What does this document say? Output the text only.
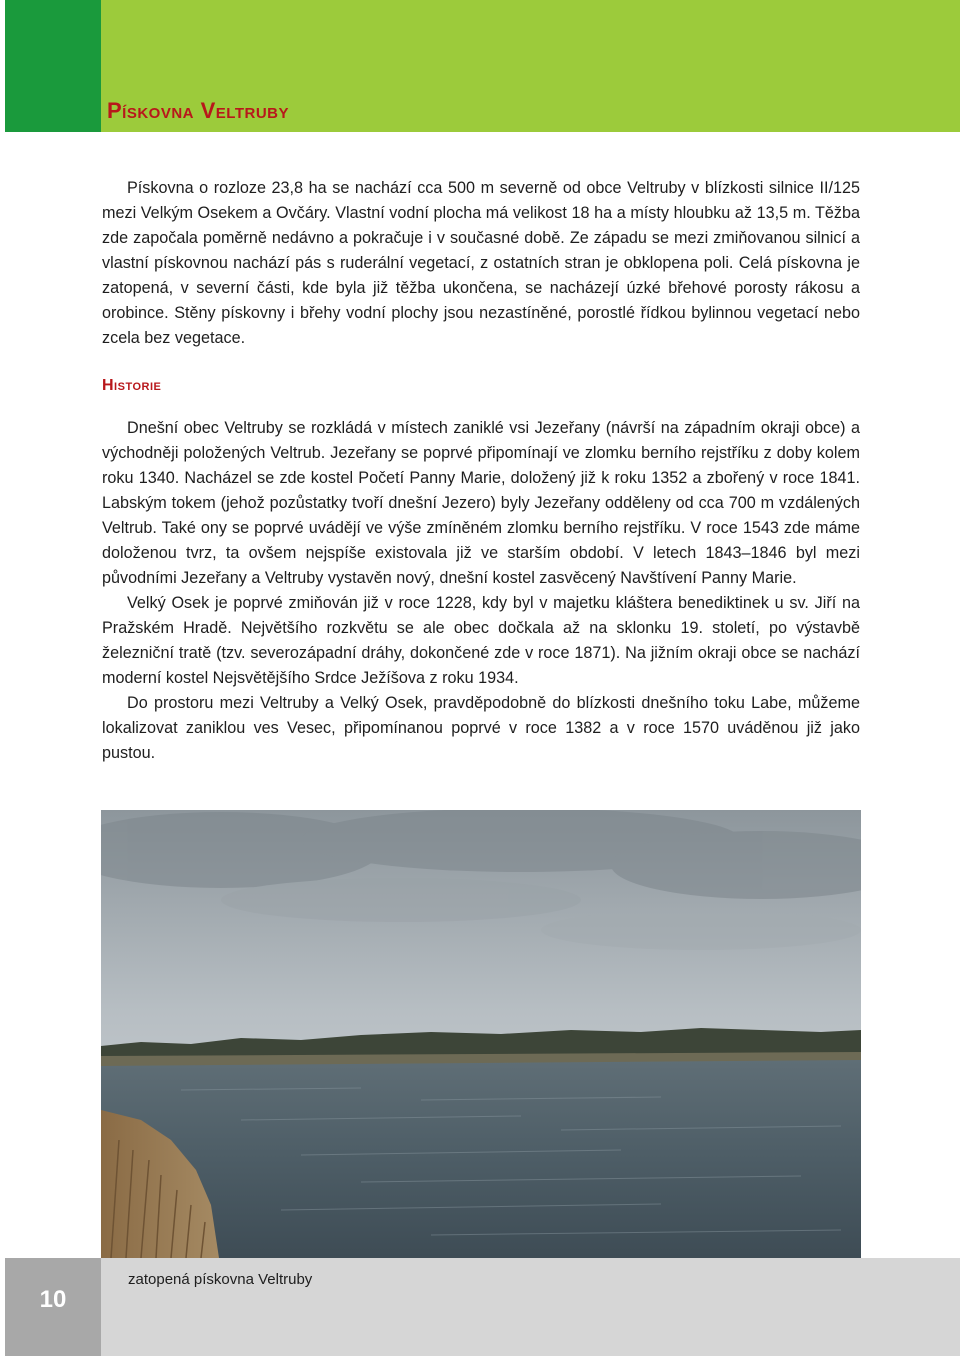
Pískovna Veltruby

Pískovna o rozloze 23,8 ha se nachází cca 500 m severně od obce Veltruby v blízkosti silnice II/125 mezi Velkým Osekem a Ovčáry. Vlastní vodní plocha má velikost 18 ha a místy hloubku až 13,5 m. Těžba zde započala poměrně nedávno a pokračuje i v současné době. Ze západu se mezi zmiňovanou silnicí a vlastní pískovnou nachází pás s ruderální vegetací, z ostatních stran je obklopena poli. Celá pískovna je zatopená, v severní části, kde byla již těžba ukončena, se nacházejí úzké břehové porosty rákosu a orobince. Stěny pískovny i břehy vodní plochy jsou nezastíněné, porostlé řídkou bylinnou vegetací nebo zcela bez vegetace.

Historie

Dnešní obec Veltruby se rozkládá v místech zaniklé vsi Jezeřany (návrší na západním okraji obce) a východněji položených Veltrub. Jezeřany se poprvé připomínají ve zlomku berního rejstříku z doby kolem roku 1340. Nacházel se zde kostel Početí Panny Marie, doložený již k roku 1352 a zbořený v roce 1841. Labským tokem (jehož pozůstatky tvoří dnešní Jezero) byly Jezeřany odděleny od cca 700 m vzdálených Veltrub. Také ony se poprvé uvádějí ve výše zmíněném zlomku berního rejstříku. V roce 1543 zde máme doloženou tvrz, ta ovšem nejspíše existovala již ve starším období. V letech 1843–1846 byl mezi původními Jezeřany a Veltruby vystavěn nový, dnešní kostel zasvěcený Navštívení Panny Marie.

Velký Osek je poprvé zmiňován již v roce 1228, kdy byl v majetku kláštera benediktinek u sv. Jiří na Pražském Hradě. Největšího rozkvětu se ale obec dočkala až na sklonku 19. století, po výstavbě železniční tratě (tzv. severozápadní dráhy, dokončené zde v roce 1871). Na jižním okraji obce se nachází moderní kostel Nejsvětějšího Srdce Ježíšova z roku 1934.

Do prostoru mezi Veltruby a Velký Osek, pravděpodobně do blízkosti dnešního toku Labe, můžeme lokalizovat zaniklou ves Vesec, připomínanou poprvé v roce 1382 a v roce 1570 uváděnou již jako pustou.

10
zatopená pískovna Veltruby
